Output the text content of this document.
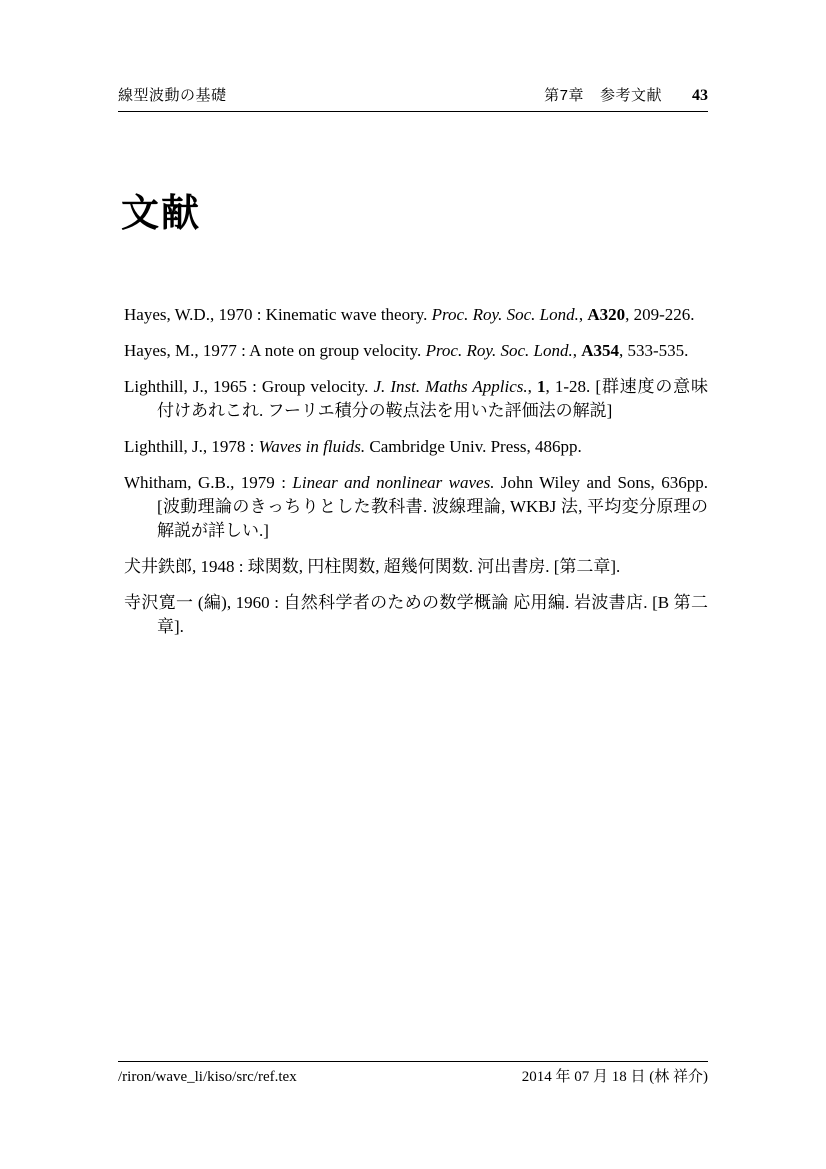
線型波動の基礎	第7章 参考文献 43
文献

Hayes, W.D., 1970 : Kinematic wave theory. Proc. Roy. Soc. Lond., A320, 209-226.

Hayes, M., 1977 : A note on group velocity. Proc. Roy. Soc. Lond., A354, 533-535.

Lighthill, J., 1965 : Group velocity. J. Inst. Maths Applics., 1, 1-28. [群速度の意味付けあれこれ. フーリエ積分の鞍点法を用いた評価法の解説]

Lighthill, J., 1978 : Waves in fluids. Cambridge Univ. Press, 486pp.

Whitham, G.B., 1979 : Linear and nonlinear waves. John Wiley and Sons, 636pp. [波動理論のきっちりとした教科書. 波線理論, WKBJ 法, 平均変分原理の解説が詳しい.]

犬井鉄郎, 1948 : 球関数, 円柱関数, 超幾何関数. 河出書房. [第二章].

寺沢寛一 (編), 1960 : 自然科学者のための数学概論 応用編. 岩波書店. [B 第二章].

/riron/wave_li/kiso/src/ref.tex	2014 年 07 月 18 日 (林 祥介)
